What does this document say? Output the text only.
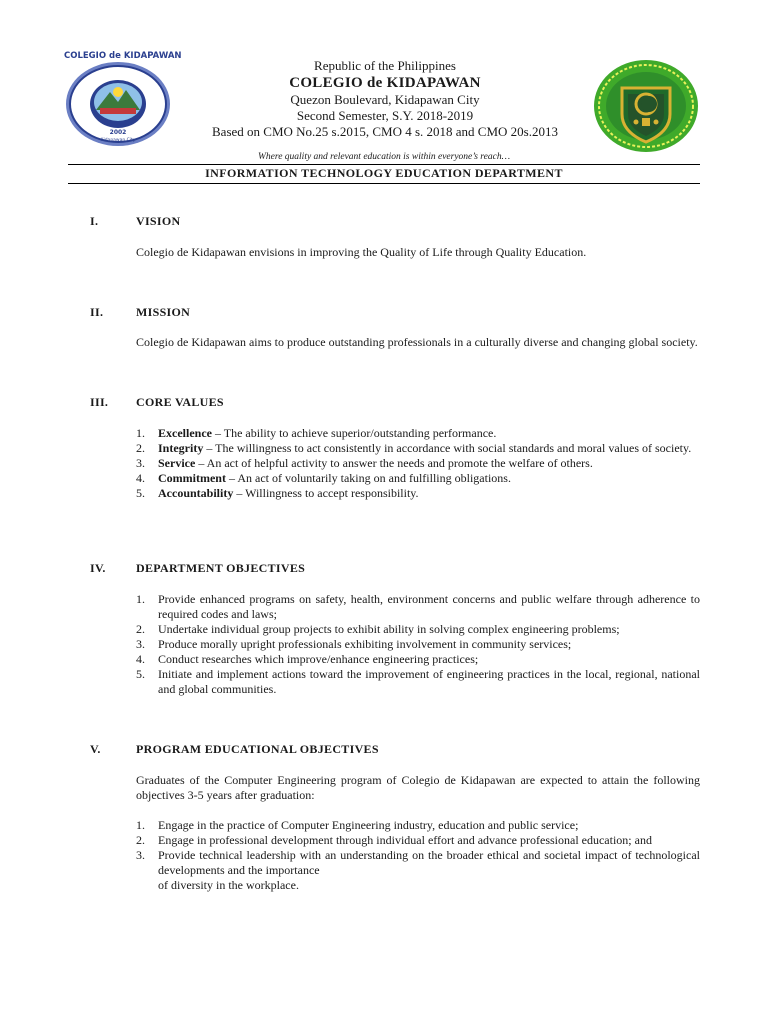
COLEGIO de KIDAPAWAN
2002
Kidapawan City
Republic of the Philippines
COLEGIO de KIDAPAWAN
Quezon Boulevard, Kidapawan City
Second Semester, S.Y. 2018-2019
Based on CMO No.25 s.2015, CMO 4 s. 2018 and CMO 20s.2013
Where quality and relevant education is within everyone’s reach…
INFORMATION TECHNOLOGY EDUCATION DEPARTMENT
I.	VISION
Colegio de Kidapawan envisions in improving the Quality of Life through Quality Education.
II.	MISSION
Colegio de Kidapawan aims to produce outstanding professionals in a culturally diverse and changing global society.
III. CORE VALUES
1. Excellence – The ability to achieve superior/outstanding performance.
2. Integrity – The willingness to act consistently in accordance with social standards and moral values of society.
3. Service – An act of helpful activity to answer the needs and promote the welfare of others.
4. Commitment – An act of voluntarily taking on and fulfilling obligations.
5. Accountability – Willingness to accept responsibility.
IV.	DEPARTMENT OBJECTIVES
1. Provide enhanced programs on safety, health, environment concerns and public welfare through adherence to required codes and laws;
2. Undertake individual group projects to exhibit ability in solving complex engineering problems;
3. Produce morally upright professionals exhibiting involvement in community services;
4. Conduct researches which improve/enhance engineering practices;
5. Initiate and implement actions toward the improvement of engineering practices in the local, regional, national and global communities.
V.	PROGRAM EDUCATIONAL OBJECTIVES
Graduates of the Computer Engineering program of Colegio de Kidapawan are expected to attain the following objectives 3-5 years after graduation:
1. Engage in the practice of Computer Engineering industry, education and public service;
2. Engage in professional development through individual effort and advance professional education; and
3. Provide technical leadership with an understanding on the broader ethical and societal impact of technological developments and the importance
of diversity in the workplace.
